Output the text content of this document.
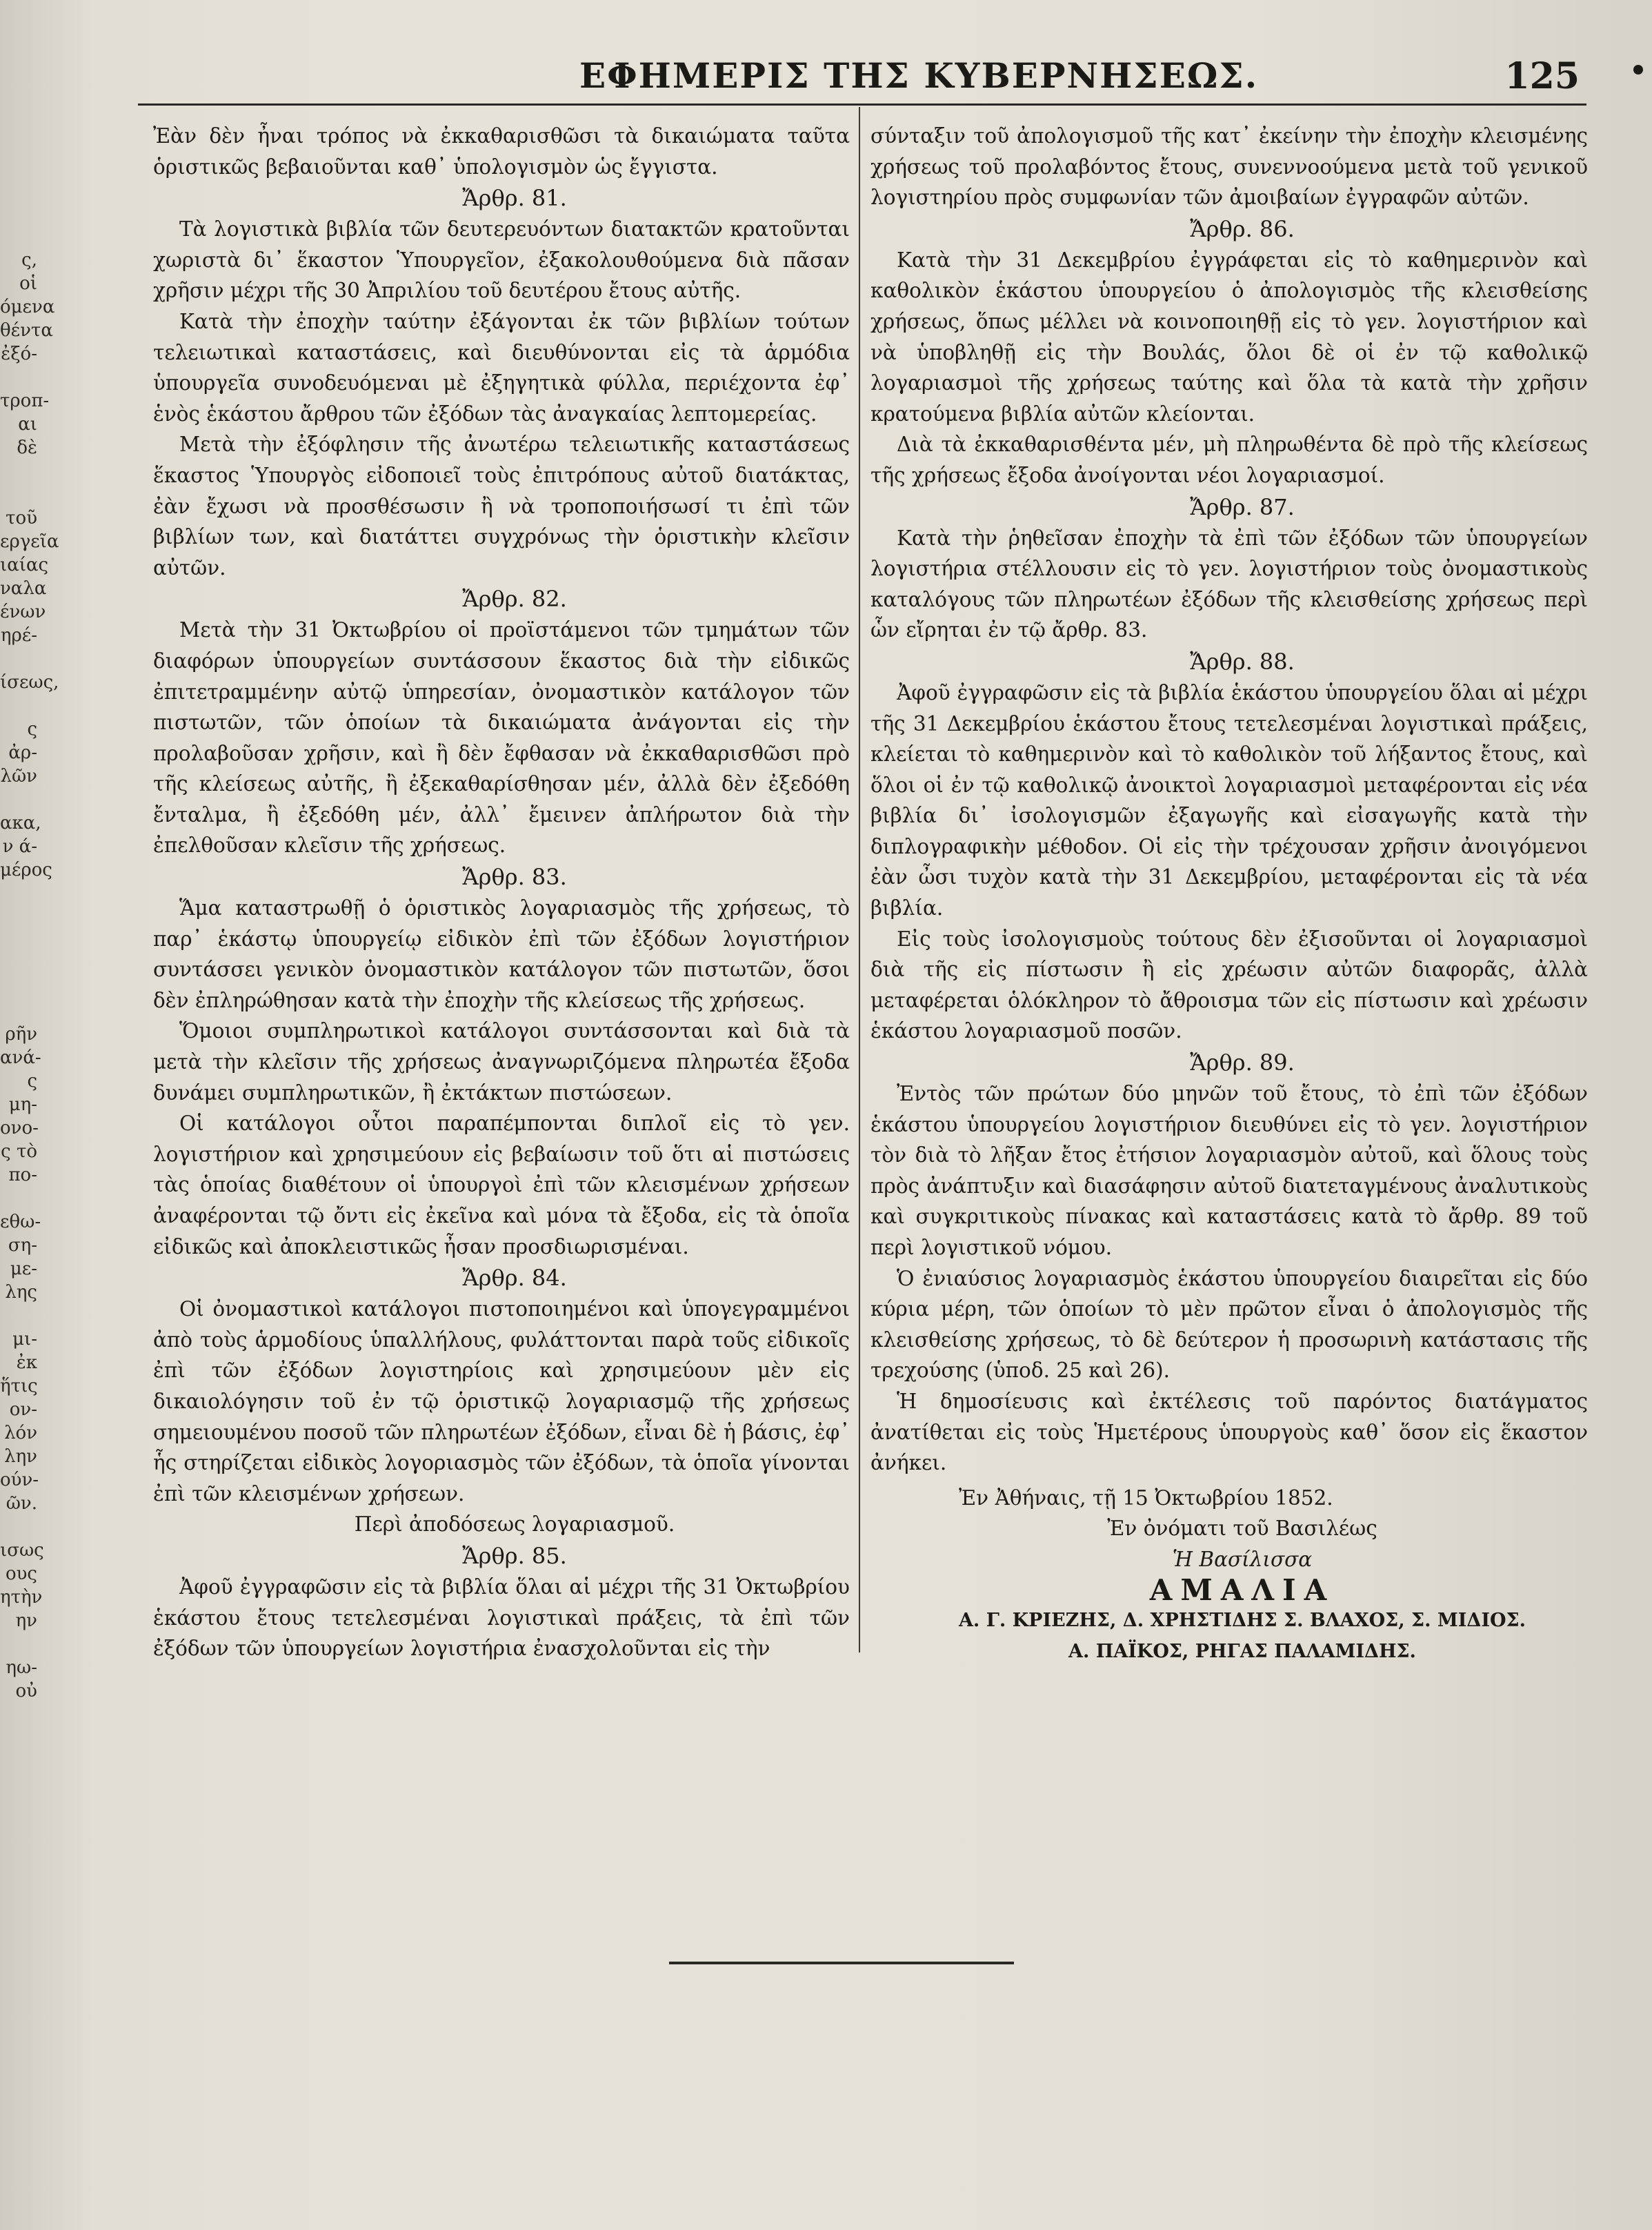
ς, οἱ
όμενα
θέντα
ἐξό-

τροπ-
αι δὲ

τοῦ
εργεῖα
ιαίας
ναλα
ένων
ηρέ-

ίσεως,

ς ἀρ-
λῶν

ακα,
ν ά-
μέρος

ρῆν
ανά-
ς μη-
ονο-
ς τὸ
πο-

εθω-
ση-
με-
λης

μι-
ἐκ
ἥτις
ον-
λόν
λην
ούν-
ῶν.

ισως
ους
ητὴν
ην

ηω-
οὐ
ΕΦΗΜΕΡΙΣ ΤΗΣ ΚΥΒΕΡΝΗΣΕΩΣ.	125

Ἐὰν δὲν ἦναι τρόπος νὰ ἐκκαθαρισθῶσι τὰ δικαιώματα ταῦτα ὁριστικῶς βεβαιοῦνται καθ᾿ ὑπολογισμὸν ὡς ἔγγιστα.

Ἄρθρ. 81.

Τὰ λογιστικὰ βιβλία τῶν δευτερευόντων διατακτῶν κρατοῦνται χωριστὰ δι᾿ ἕκαστον Ὑπουργεῖον, ἐξακολουθούμενα διὰ πᾶσαν χρῆσιν μέχρι τῆς 30 Ἀπριλίου τοῦ δευτέρου ἔτους αὐτῆς.

Κατὰ τὴν ἐποχὴν ταύτην ἐξάγονται ἐκ τῶν βιβλίων τούτων τελειωτικαὶ καταστάσεις, καὶ διευθύνονται εἰς τὰ ἁρμόδια ὑπουργεῖα συνοδευόμεναι μὲ ἐξηγητικὰ φύλλα, περιέχοντα ἐφ᾿ ἑνὸς ἑκάστου ἄρθρου τῶν ἐξόδων τὰς ἀναγκαίας λεπτομερείας.

Μετὰ τὴν ἐξόφλησιν τῆς ἀνωτέρω τελειωτικῆς καταστάσεως ἕκαστος Ὑπουργὸς εἰδοποιεῖ τοὺς ἐπιτρόπους αὐτοῦ διατάκτας, ἐὰν ἔχωσι νὰ προσθέσωσιν ἢ νὰ τροποποιήσωσί τι ἐπὶ τῶν βιβλίων των, καὶ διατάττει συγχρόνως τὴν ὁριστικὴν κλεῖσιν αὐτῶν.

Ἄρθρ. 82.

Μετὰ τὴν 31 Ὀκτωβρίου οἱ προϊστάμενοι τῶν τμημάτων τῶν διαφόρων ὑπουργείων συντάσσουν ἕκαστος διὰ τὴν εἰδικῶς ἐπιτετραμμένην αὐτῷ ὑπηρεσίαν, ὀνομαστικὸν κατάλογον τῶν πιστωτῶν, τῶν ὁποίων τὰ δικαιώματα ἀνάγονται εἰς τὴν προλαβοῦσαν χρῆσιν, καὶ ἢ δὲν ἔφθασαν νὰ ἐκκαθαρισθῶσι πρὸ τῆς κλείσεως αὐτῆς, ἢ ἐξεκαθαρίσθησαν μέν, ἀλλὰ δὲν ἐξεδόθη ἔνταλμα, ἢ ἐξεδόθη μέν, ἀλλ᾿ ἔμεινεν ἀπλήρωτον διὰ τὴν ἐπελθοῦσαν κλεῖσιν τῆς χρήσεως.

Ἄρθρ. 83.

Ἅμα καταστρωθῇ ὁ ὁριστικὸς λογαριασμὸς τῆς χρήσεως, τὸ παρ᾿ ἑκάστῳ ὑπουργείῳ εἰδικὸν ἐπὶ τῶν ἐξόδων λογιστήριον συντάσσει γενικὸν ὀνομαστικὸν κατάλογον τῶν πιστωτῶν, ὅσοι δὲν ἐπληρώθησαν κατὰ τὴν ἐποχὴν τῆς κλείσεως τῆς χρήσεως.

Ὅμοιοι συμπληρωτικοὶ κατάλογοι συντάσσονται καὶ διὰ τὰ μετὰ τὴν κλεῖσιν τῆς χρήσεως ἀναγνωριζόμενα πληρωτέα ἔξοδα δυνάμει συμπληρωτικῶν, ἢ ἐκτάκτων πιστώσεων.

Οἱ κατάλογοι οὗτοι παραπέμπονται διπλοῖ εἰς τὸ γεν. λογιστήριον καὶ χρησιμεύουν εἰς βεβαίωσιν τοῦ ὅτι αἱ πιστώσεις τὰς ὁποίας διαθέτουν οἱ ὑπουργοὶ ἐπὶ τῶν κλεισμένων χρήσεων ἀναφέρονται τῷ ὄντι εἰς ἐκεῖνα καὶ μόνα τὰ ἔξοδα, εἰς τὰ ὁποῖα εἰδικῶς καὶ ἀποκλειστικῶς ἦσαν προσδιωρισμέναι.

Ἄρθρ. 84.

Οἱ ὀνομαστικοὶ κατάλογοι πιστοποιημένοι καὶ ὑπογεγραμμένοι ἀπὸ τοὺς ἁρμοδίους ὑπαλλήλους, φυλάττονται παρὰ τοῦς εἰδικοῖς ἐπὶ τῶν ἐξόδων λογιστηρίοις καὶ χρησιμεύουν μὲν εἰς δικαιολόγησιν τοῦ ἐν τῷ ὁριστικῷ λογαριασμῷ τῆς χρήσεως σημειουμένου ποσοῦ τῶν πληρωτέων ἐξόδων, εἶναι δὲ ἡ βάσις, ἐφ᾿ ἧς στηρίζεται εἰδικὸς λογοριασμὸς τῶν ἐξόδων, τὰ ὁποῖα γίνονται ἐπὶ τῶν κλεισμένων χρήσεων.

Περὶ ἀποδόσεως λογαριασμοῦ.

Ἄρθρ. 85.

Ἀφοῦ ἐγγραφῶσιν εἰς τὰ βιβλία ὅλαι αἱ μέχρι τῆς 31 Ὀκτωβρίου ἑκάστου ἔτους τετελεσμέναι λογιστικαὶ πράξεις, τὰ ἐπὶ τῶν ἐξόδων τῶν ὑπουργείων λογιστήρια ἐνασχολοῦνται εἰς τὴν

σύνταξιν τοῦ ἀπολογισμοῦ τῆς κατ᾿ ἐκείνην τὴν ἐποχὴν κλεισμένης χρήσεως τοῦ προλαβόντος ἔτους, συνεννοούμενα μετὰ τοῦ γενικοῦ λογιστηρίου πρὸς συμφωνίαν τῶν ἀμοιβαίων ἐγγραφῶν αὐτῶν.

Ἄρθρ. 86.

Κατὰ τὴν 31 Δεκεμβρίου ἐγγράφεται εἰς τὸ καθημερινὸν καὶ καθολικὸν ἑκάστου ὑπουργείου ὁ ἀπολογισμὸς τῆς κλεισθείσης χρήσεως, ὅπως μέλλει νὰ κοινοποιηθῇ εἰς τὸ γεν. λογιστήριον καὶ νὰ ὑποβληθῇ εἰς τὴν Βουλάς, ὅλοι δὲ οἱ ἐν τῷ καθολικῷ λογαριασμοὶ τῆς χρήσεως ταύτης καὶ ὅλα τὰ κατὰ τὴν χρῆσιν κρατούμενα βιβλία αὐτῶν κλείονται.

Διὰ τὰ ἐκκαθαρισθέντα μέν, μὴ πληρωθέντα δὲ πρὸ τῆς κλείσεως τῆς χρήσεως ἔξοδα ἀνοίγονται νέοι λογαριασμοί.

Ἄρθρ. 87.

Κατὰ τὴν ῥηθεῖσαν ἐποχὴν τὰ ἐπὶ τῶν ἐξόδων τῶν ὑπουργείων λογιστήρια στέλλουσιν εἰς τὸ γεν. λογιστήριον τοὺς ὀνομαστικοὺς καταλόγους τῶν πληρωτέων ἐξόδων τῆς κλεισθείσης χρήσεως περὶ ὧν εἴρηται ἐν τῷ ἄρθρ. 83.

Ἄρθρ. 88.

Ἀφοῦ ἐγγραφῶσιν εἰς τὰ βιβλία ἑκάστου ὑπουργείου ὅλαι αἱ μέχρι τῆς 31 Δεκεμβρίου ἑκάστου ἔτους τετελεσμέναι λογιστικαὶ πράξεις, κλείεται τὸ καθημερινὸν καὶ τὸ καθολικὸν τοῦ λήξαντος ἔτους, καὶ ὅλοι οἱ ἐν τῷ καθολικῷ ἀνοικτοὶ λογαριασμοὶ μεταφέρονται εἰς νέα βιβλία δι᾿ ἰσολογισμῶν ἐξαγωγῆς καὶ εἰσαγωγῆς κατὰ τὴν διπλογραφικὴν μέθοδον. Οἱ εἰς τὴν τρέχουσαν χρῆσιν ἀνοιγόμενοι ἐὰν ὦσι τυχὸν κατὰ τὴν 31 Δεκεμβρίου, μεταφέρονται εἰς τὰ νέα βιβλία.

Εἰς τοὺς ἰσολογισμοὺς τούτους δὲν ἐξισοῦνται οἱ λογαριασμοὶ διὰ τῆς εἰς πίστωσιν ἢ εἰς χρέωσιν αὐτῶν διαφορᾶς, ἀλλὰ μεταφέρεται ὁλόκληρον τὸ ἄθροισμα τῶν εἰς πίστωσιν καὶ χρέωσιν ἑκάστου λογαριασμοῦ ποσῶν.

Ἄρθρ. 89.

Ἐντὸς τῶν πρώτων δύο μηνῶν τοῦ ἔτους, τὸ ἐπὶ τῶν ἐξόδων ἑκάστου ὑπουργείου λογιστήριον διευθύνει εἰς τὸ γεν. λογιστήριον τὸν διὰ τὸ λῆξαν ἔτος ἐτήσιον λογαριασμὸν αὐτοῦ, καὶ ὅλους τοὺς πρὸς ἀνάπτυξιν καὶ διασάφησιν αὐτοῦ διατεταγμένους ἀναλυτικοὺς καὶ συγκριτικοὺς πίνακας καὶ καταστάσεις κατὰ τὸ ἄρθρ. 89 τοῦ περὶ λογιστικοῦ νόμου.

Ὁ ἐνιαύσιος λογαριασμὸς ἑκάστου ὑπουργείου διαιρεῖται εἰς δύο κύρια μέρη, τῶν ὁποίων τὸ μὲν πρῶτον εἶναι ὁ ἀπολογισμὸς τῆς κλεισθείσης χρήσεως, τὸ δὲ δεύτερον ἡ προσωρινὴ κατάστασις τῆς τρεχούσης (ὑποδ. 25 καὶ 26).

Ἡ δημοσίευσις καὶ ἐκτέλεσις τοῦ παρόντος διατάγματος ἀνατίθεται εἰς τοὺς Ἡμετέρους ὑπουργοὺς καθ᾿ ὅσον εἰς ἕκαστον ἀνήκει.

Ἐν Ἀθήναις, τῇ 15 Ὀκτωβρίου 1852.

Ἐν ὀνόματι τοῦ Βασιλέως

Ἡ Βασίλισσα

ΑΜΑΛΙΑ

Α. Γ. ΚΡΙΕΖΗΣ, Δ. ΧΡΗΣΤΙΔΗΣ Σ. ΒΛΑΧΟΣ, Σ. ΜΙΔΙΟΣ.

Α. ΠΑΪΚΟΣ, ΡΗΓΑΣ ΠΑΛΑΜΙΔΗΣ.
